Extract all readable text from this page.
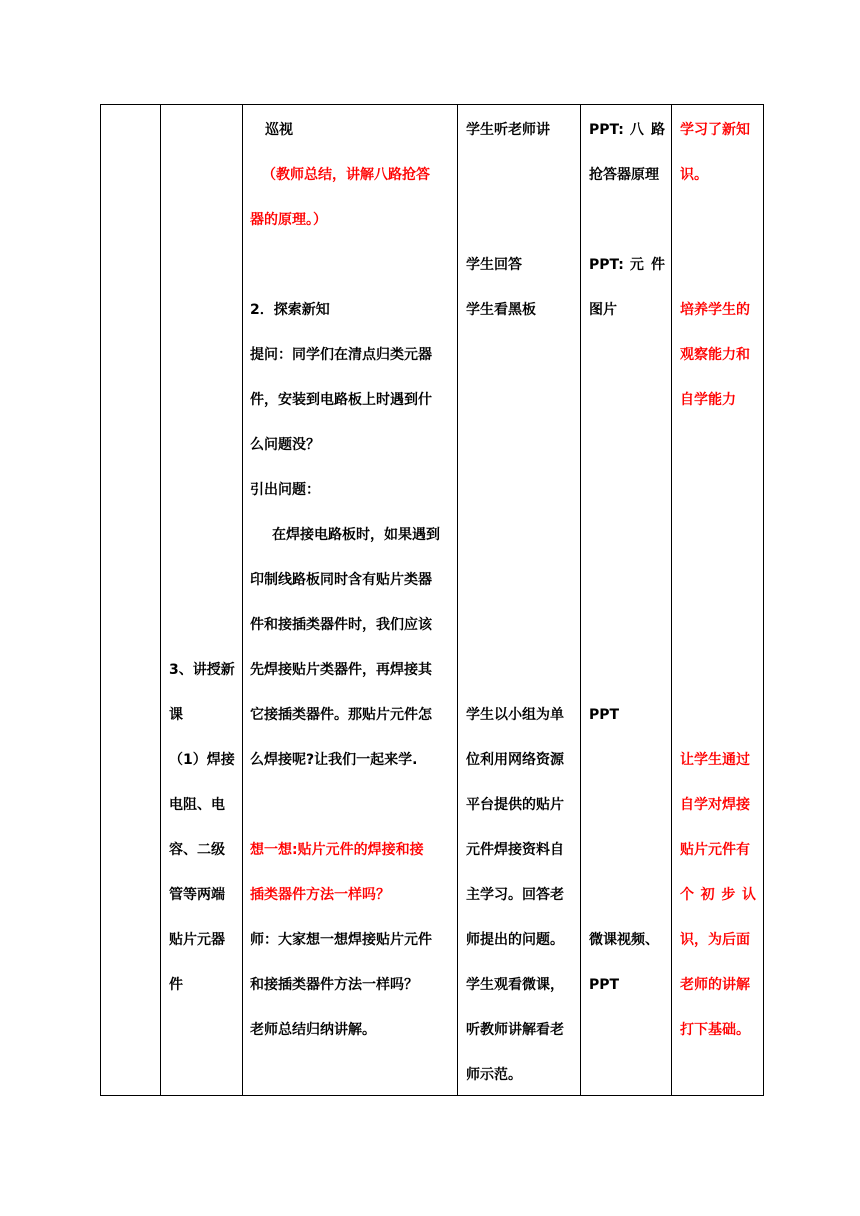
3、讲授新
课
（1）焊接
电阻、电
容、二级
管等两端
贴片元器
件
巡视
（教师总结，讲解八路抢答
器的原理。）
2．探索新知
提问：同学们在清点归类元器
件，安装到电路板上时遇到什
么问题没？
引出问题：
在焊接电路板时，如果遇到
印制线路板同时含有贴片类器
件和接插类器件时，我们应该
先焊接贴片类器件，再焊接其
它接插类器件。那贴片元件怎
么焊接呢?让我们一起来学.
想一想:贴片元件的焊接和接
插类器件方法一样吗？
师：大家想一想焊接贴片元件
和接插类器件方法一样吗？
老师总结归纳讲解。
学生听老师讲
学生回答
学生看黑板
学生以小组为单
位利用网络资源
平台提供的贴片
元件焊接资料自
主学习。回答老
师提出的问题。
学生观看微课，
听教师讲解看老
师示范。
PPT: 八 路
抢答器原理
PPT: 元 件
图片
PPT
微课视频、
PPT
学习了新知
识。
培养学生的
观察能力和
自学能力
让学生通过
自学对焊接
贴片元件有
个 初 步 认
识，为后面
老师的讲解
打下基础。
